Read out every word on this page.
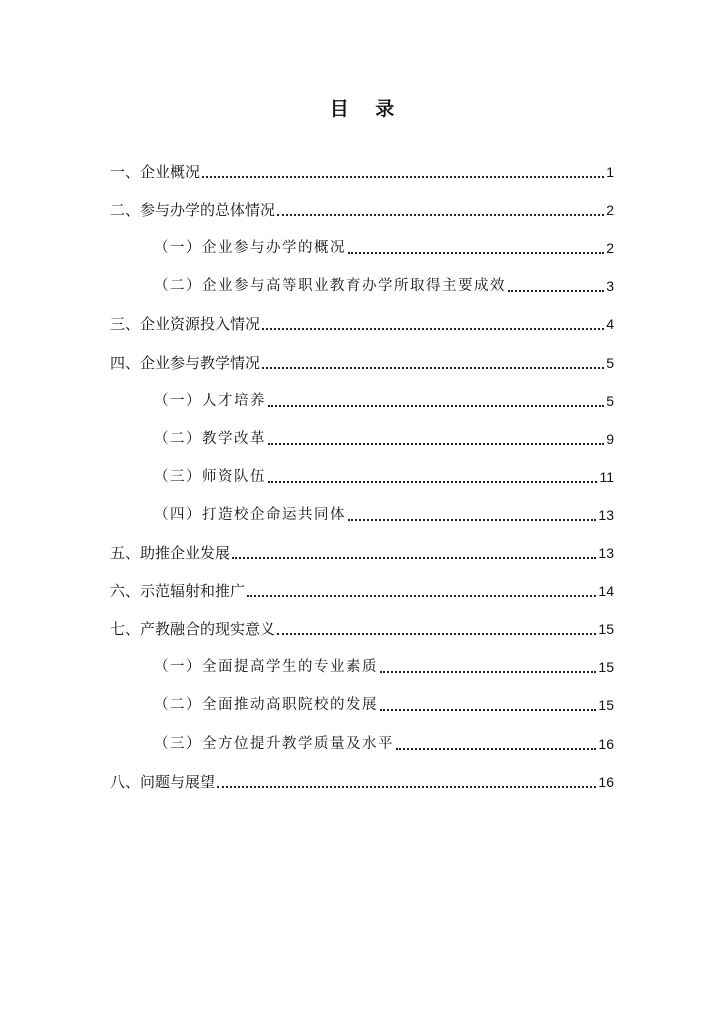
目 录
一、企业概况	1
二、参与办学的总体情况	2
（一）企业参与办学的概况	2
（二）企业参与高等职业教育办学所取得主要成效	3
三、企业资源投入情况	4
四、企业参与教学情况	5
（一）人才培养	5
（二）教学改革	9
（三）师资队伍	11
（四）打造校企命运共同体	13
五、助推企业发展	13
六、示范辐射和推广	14
七、产教融合的现实意义	15
（一）全面提高学生的专业素质	15
（二）全面推动高职院校的发展	15
（三）全方位提升教学质量及水平	16
八、问题与展望	16
